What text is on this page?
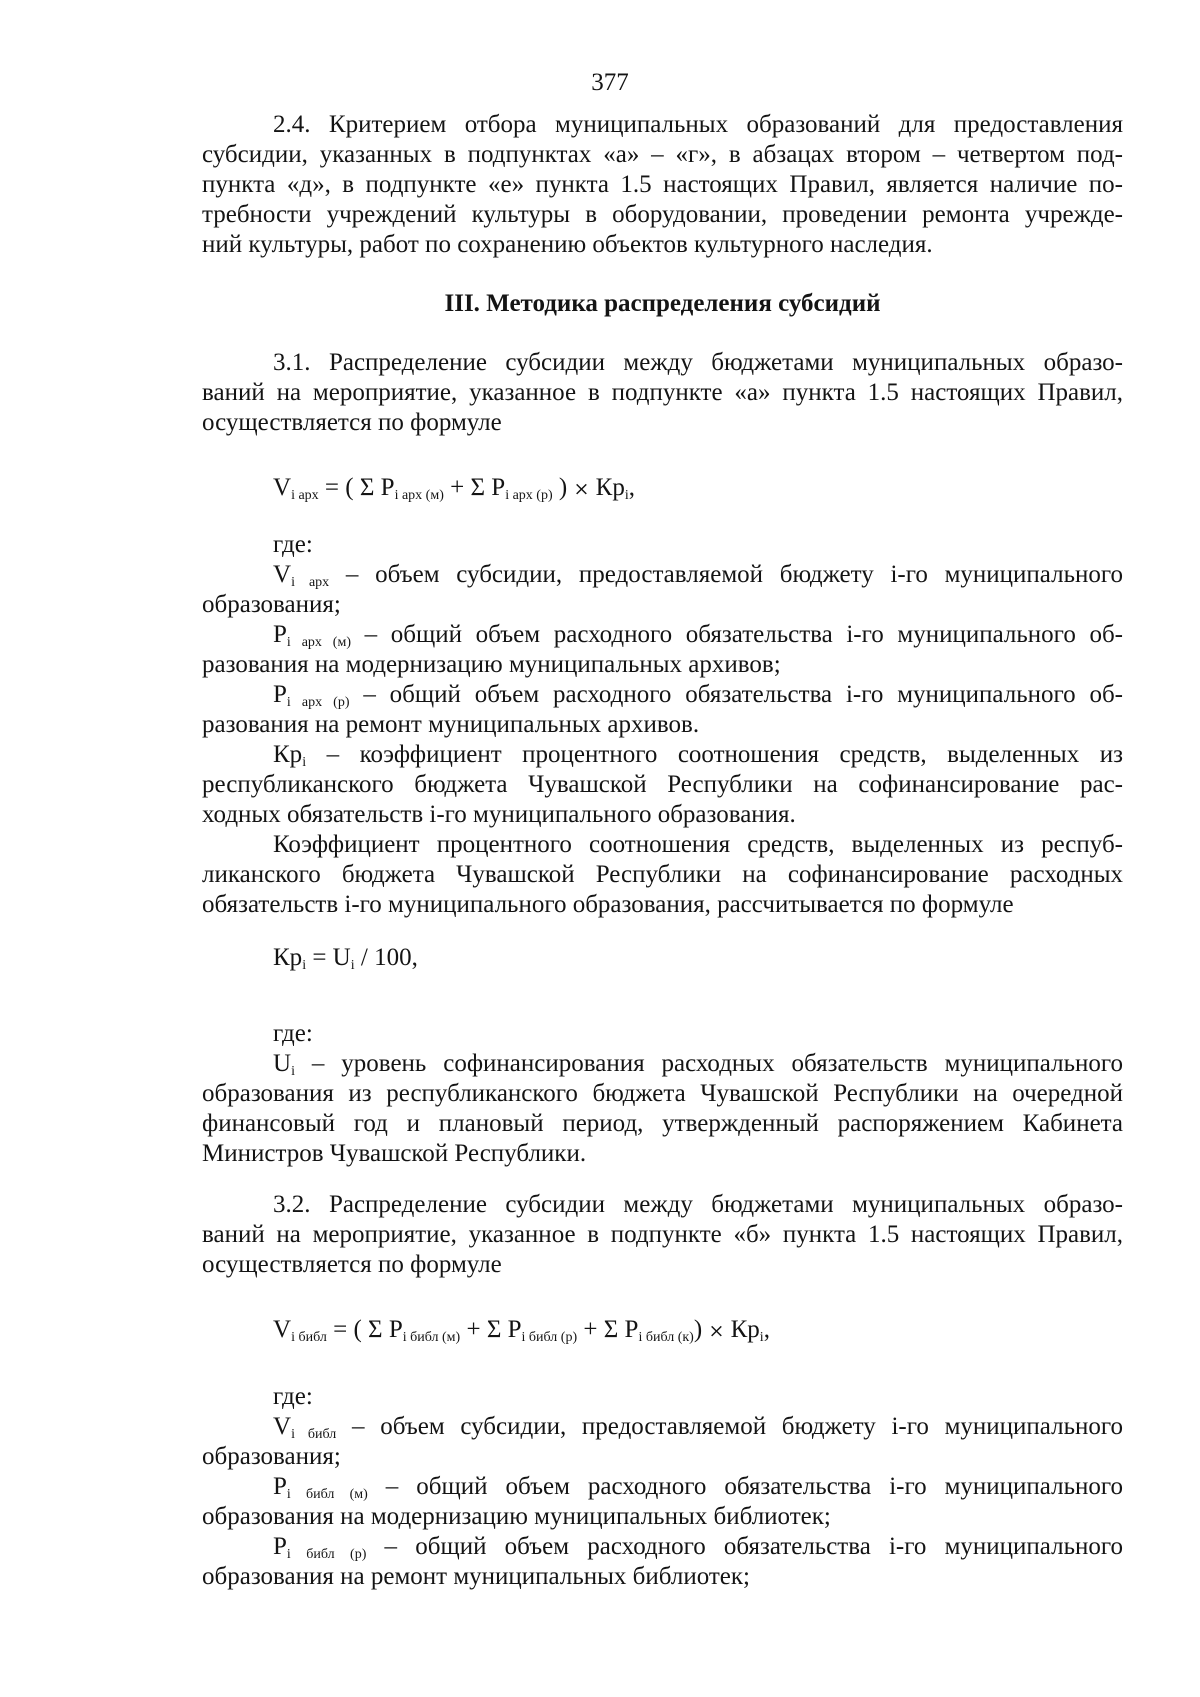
377
2.4. Критерием отбора муниципальных образований для предоставления
субсидии, указанных в подпунктах «а» – «г», в абзацах втором – четвертом под-
пункта «д», в подпункте «е» пункта 1.5 настоящих Правил, является наличие по-
требности учреждений культуры в оборудовании, проведении ремонта учрежде-
ний культуры, работ по сохранению объектов культурного наследия.
III. Методика распределения субсидий
3.1. Распределение субсидии между бюджетами муниципальных образо-
ваний на мероприятие, указанное в подпункте «а» пункта 1.5 настоящих Правил,
осуществляется по формуле
$V_{i арх}$ = ( Σ $P_{i арх (м)} + \Sigma$ $P_{i арх (р)}$ ) × $Кр_i$,
где:
$V_{i арх}$ – объем субсидии, предоставляемой бюджету i-го муниципального
образования;
$P_{i арх (м)}$ – общий объем расходного обязательства i-го муниципального об-
разования на модернизацию муниципальных архивов;
$P_{i арх (р)}$ – общий объем расходного обязательства i-го муниципального об-
разования на ремонт муниципальных архивов.
$Кр_i$ – коэффициент процентного соотношения средств, выделенных из
республиканского бюджета Чувашской Республики на софинансирование рас-
ходных обязательств i-го муниципального образования.
Коэффициент процентного соотношения средств, выделенных из респуб-
ликанского бюджета Чувашской Республики на софинансирование расходных
обязательств i-го муниципального образования, рассчитывается по формуле
$Кр_i = U_i / 100$,
где:
$U_i$ – уровень софинансирования расходных обязательств муниципального
образования из республиканского бюджета Чувашской Республики на очередной
финансовый год и плановый период, утвержденный распоряжением Кабинета
Министров Чувашской Республики.
3.2. Распределение субсидии между бюджетами муниципальных образо-
ваний на мероприятие, указанное в подпункте «б» пункта 1.5 настоящих Правил,
осуществляется по формуле
$V_{i библ}$ = ( Σ $P_{i библ (м)} + \Sigma$ $P_{i библ (р)} + \Sigma$ $P_{i библ (к)}) \times Кр_i$,
где:
$V_{i библ}$ – объем субсидии, предоставляемой бюджету i-го муниципального
образования;
$P_{i библ (м)}$ – общий объем расходного обязательства i-го муниципального
образования на модернизацию муниципальных библиотек;
$P_{i библ (р)}$ – общий объем расходного обязательства i-го муниципального
образования на ремонт муниципальных библиотек;
